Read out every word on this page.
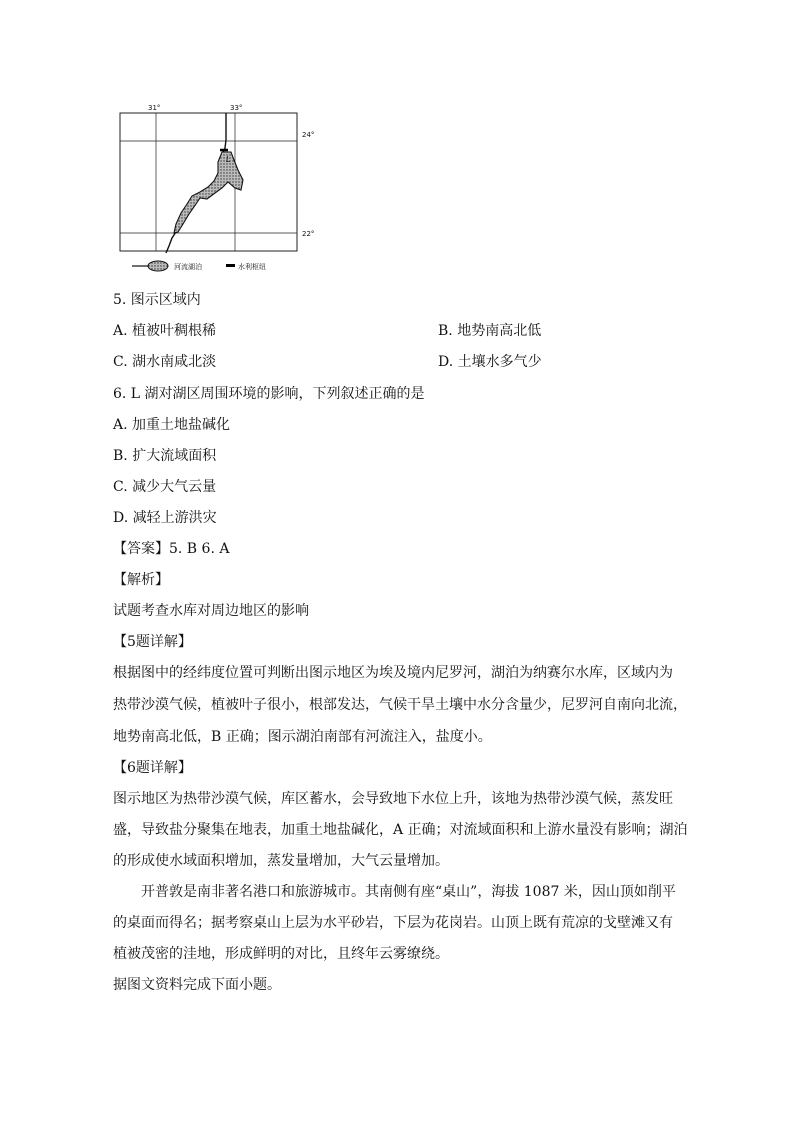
31°	33°
24°
22°
L
河流湖泊	水利枢纽
5. 图示区域内
A. 植被叶稠根稀	B. 地势南高北低
C. 湖水南咸北淡	D. 土壤水多气少
6. L 湖对湖区周围环境的影响，下列叙述正确的是
A. 加重土地盐碱化
B. 扩大流域面积
C. 减少大气云量
D. 减轻上游洪灾
【答案】5. B 6. A
【解析】
试题考查水库对周边地区的影响
【5题详解】
根据图中的经纬度位置可判断出图示地区为埃及境内尼罗河，湖泊为纳赛尔水库，区域内为
热带沙漠气候，植被叶子很小，根部发达，气候干旱土壤中水分含量少，尼罗河自南向北流，
地势南高北低，B 正确；图示湖泊南部有河流注入，盐度小。
【6题详解】
图示地区为热带沙漠气候，库区蓄水，会导致地下水位上升，该地为热带沙漠气候，蒸发旺
盛，导致盐分聚集在地表，加重土地盐碱化，A 正确；对流域面积和上游水量没有影响；湖泊
的形成使水域面积增加，蒸发量增加，大气云量增加。
开普敦是南非著名港口和旅游城市。其南侧有座“桌山”，海拔 1087 米，因山顶如削平
的桌面而得名；据考察桌山上层为水平砂岩，下层为花岗岩。山顶上既有荒凉的戈壁滩又有
植被茂密的洼地，形成鲜明的对比，且终年云雾缭绕。
据图文资料完成下面小题。
